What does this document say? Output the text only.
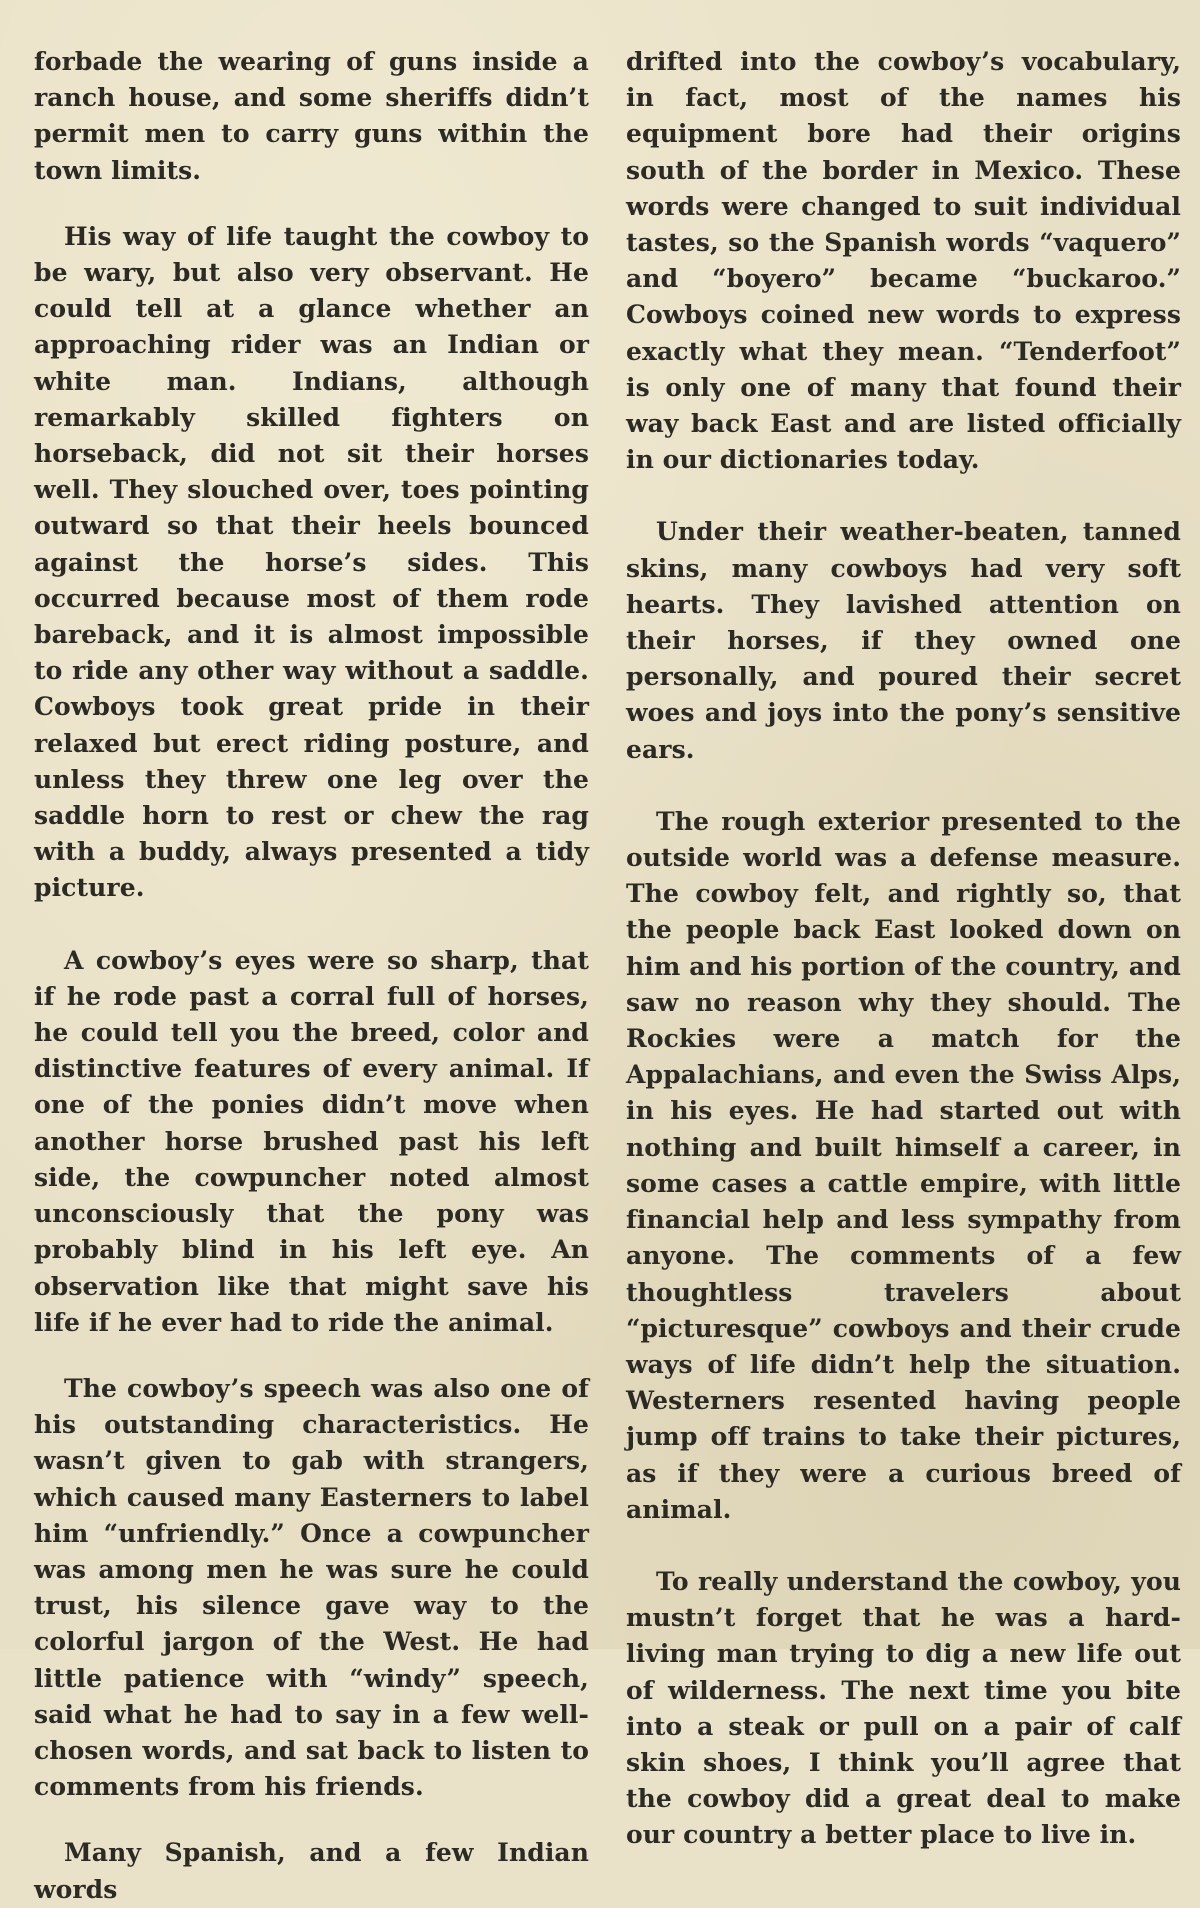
forbade the wearing of guns inside a ranch house, and some sheriffs didn’t permit men to carry guns within the town limits.

His way of life taught the cowboy to be wary, but also very observant. He could tell at a glance whether an approaching rider was an Indian or white man. Indians, although remarkably skilled fighters on horseback, did not sit their horses well. They slouched over, toes pointing outward so that their heels bounced against the horse’s sides. This occurred because most of them rode bareback, and it is almost impossible to ride any other way without a saddle. Cowboys took great pride in their relaxed but erect riding posture, and unless they threw one leg over the saddle horn to rest or chew the rag with a buddy, always presented a tidy picture.

A cowboy’s eyes were so sharp, that if he rode past a corral full of horses, he could tell you the breed, color and distinctive features of every animal. If one of the ponies didn’t move when another horse brushed past his left side, the cowpuncher noted almost unconsciously that the pony was probably blind in his left eye. An observation like that might save his life if he ever had to ride the animal.

The cowboy’s speech was also one of his outstanding characteristics. He wasn’t given to gab with strangers, which caused many Easterners to label him “unfriendly.” Once a cowpuncher was among men he was sure he could trust, his silence gave way to the colorful jargon of the West. He had little patience with “windy” speech, said what he had to say in a few well-chosen words, and sat back to listen to comments from his friends.

Many Spanish, and a few Indian words

drifted into the cowboy’s vocabulary, in fact, most of the names his equipment bore had their origins south of the border in Mexico. These words were changed to suit individual tastes, so the Spanish words “vaquero” and “boyero” became “buckaroo.” Cowboys coined new words to express exactly what they mean. “Tenderfoot” is only one of many that found their way back East and are listed officially in our dictionaries today.

Under their weather-beaten, tanned skins, many cowboys had very soft hearts. They lavished attention on their horses, if they owned one personally, and poured their secret woes and joys into the pony’s sensitive ears.

The rough exterior presented to the outside world was a defense measure. The cowboy felt, and rightly so, that the people back East looked down on him and his portion of the country, and saw no reason why they should. The Rockies were a match for the Appalachians, and even the Swiss Alps, in his eyes. He had started out with nothing and built himself a career, in some cases a cattle empire, with little financial help and less sympathy from anyone. The comments of a few thoughtless travelers about “picturesque” cowboys and their crude ways of life didn’t help the situation. Westerners resented having people jump off trains to take their pictures, as if they were a curious breed of animal.

To really understand the cowboy, you mustn’t forget that he was a hard-living man trying to dig a new life out of wilderness. The next time you bite into a steak or pull on a pair of calf skin shoes, I think you’ll agree that the cowboy did a great deal to make our country a better place to live in.
